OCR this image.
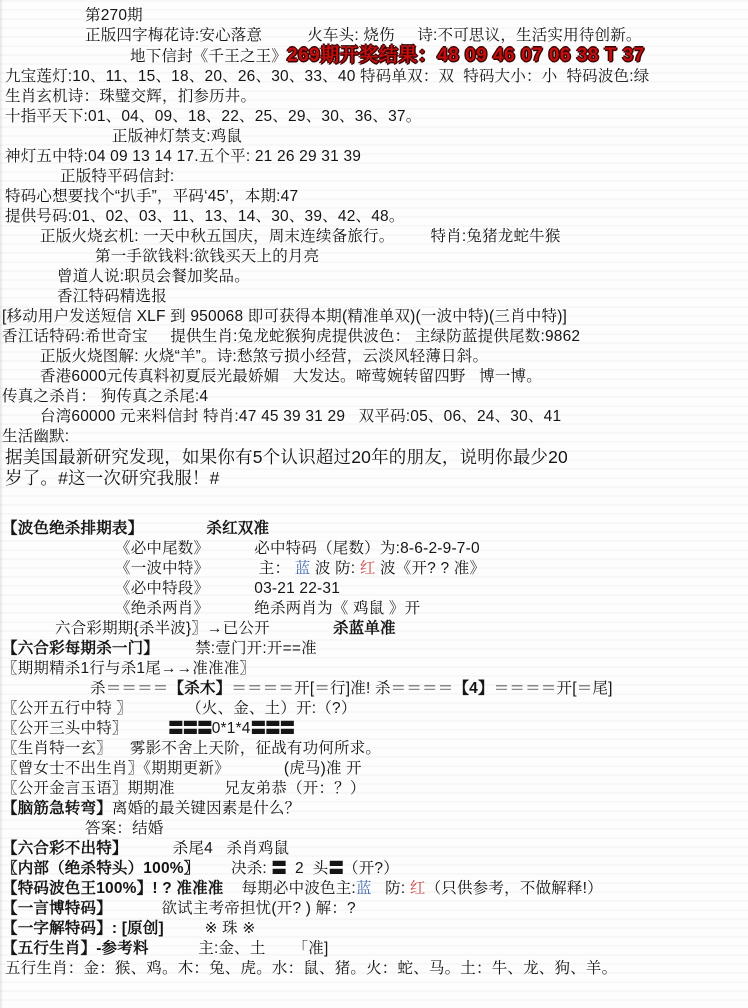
第270期
正版四字梅花诗:安心落意          火车头: 烧伤     诗:不可思议，生活实用待创新。
地下信封《千王之王》269期开奖结果：48 09 46 07 06 38 T 37
九宝莲灯:10、11、15、18、20、26、30、33、40 特码单双：双  特码大小：小  特码波色:绿
生肖玄机诗：珠璧交辉，扪参历井。
十指平天下:01、04、09、18、22、25、29、30、36、37。
正版神灯禁支:鸡鼠
神灯五中特:04 09 13 14 17.五个平: 21 26 29 31 39
正版特平码信封:
特码心想要找个“扒手”，平码‘45’，本期:47
提供号码:01、02、03、11、13、14、30、39、42、48。
正版火烧玄机: 一天中秋五国庆，周末连续备旅行。        特肖:兔猪龙蛇牛猴
第一手欲钱料:欲钱买天上的月亮
曾道人说:职员会餐加奖品。
香江特码精选报
[移动用户发送短信 XLF 到 950068 即可获得本期(精准单双)(一波中特)(三肖中特)]
香江话特码:希世奇宝     提供生肖:兔龙蛇猴狗虎提供波色： 主绿防蓝提供尾数:9862
正版火烧图解: 火烧“羊”。诗:愁煞亏损小经营，云淡风轻薄日斜。
香港6000元传真料初夏辰光最娇媚   大发达。啼莺婉转留四野   博一博。
传真之杀肖： 狗传真之杀尾:4
台湾60000 元来料信封 特肖:47 45 39 31 29   双平码:05、06、24、30、41
生活幽默:
据美国最新研究发现，如果你有5个认识超过20年的朋友，说明你最少20
岁了。#这一次研究我服！#
【波色绝杀排期表】	杀红双准
《必中尾数》          必中特码（尾数）为:8-6-2-9-7-0
《一波中特》           主： 蓝 波 防: 红 波《开? ? 准》
《必中特段》          03-21 22-31
《绝杀两肖》          绝杀两肖为《 鸡鼠 》开
六合彩期期{杀半波}〗→已公开	杀蓝单准
【六合彩每期杀一门】        禁:壹门开:开==准
〖期期精杀1行与杀1尾→→准准准〗
杀＝＝＝＝【杀木】＝＝＝＝开[＝行]准! 杀＝＝＝＝【4】＝＝＝＝开[＝尾]
〖公开五行中特 〗            （火、金、土）开:（?）
〖公开三头中特〗	〓〓〓0*1*4〓〓〓
〖生肖特一玄〗    雾影不舍上天阶，征战有功何所求。
〖曾女士不出生肖〗《期期更新》            (虎马)准 开
〖公开金言玉语〗期期准           兄友弟恭（开：？）
【脑筋急转弯】离婚的最关键因素是什么？
答案：结婚
【六合彩不出特】          杀尾4   杀肖鸡鼠
〖内部（绝杀特头）100%〗       决杀: 〓  2  头〓（开?）
【特码波色王100%】! ? 准准准    每期必中波色主:蓝   防: 红（只供参考，不做解释!）
【一言博特码】           欲试主考帝担忧(开? ) 解：?
【一字解特码】: [原创]         ※ 珠 ※
【五行生肖】-参考料           主:金、土      「准]
五行生肖：金：猴、鸡。木：兔、虎。水：鼠、猪。火：蛇、马。土：牛、龙、狗、羊。
